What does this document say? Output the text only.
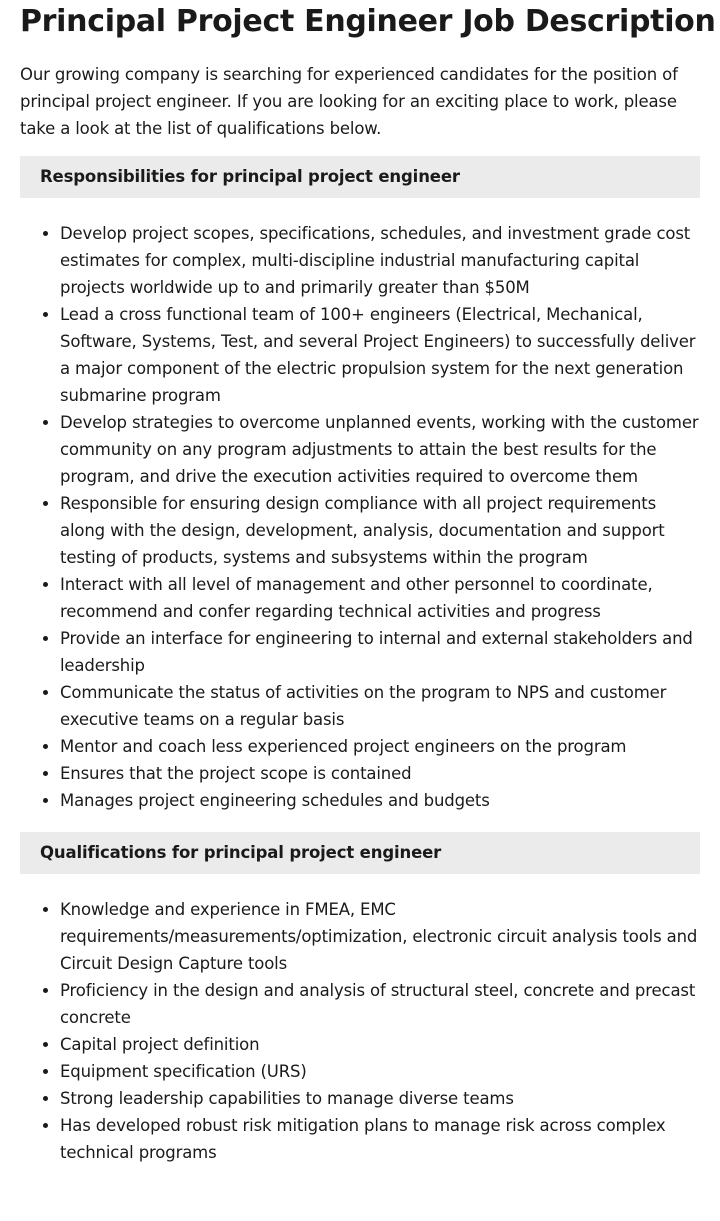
Principal Project Engineer Job Description

Our growing company is searching for experienced candidates for the position of principal project engineer. If you are looking for an exciting place to work, please take a look at the list of qualifications below.

Responsibilities for principal project engineer
• Develop project scopes, specifications, schedules, and investment grade cost estimates for complex, multi-discipline industrial manufacturing capital projects worldwide up to and primarily greater than $50M
• Lead a cross functional team of 100+ engineers (Electrical, Mechanical, Software, Systems, Test, and several Project Engineers) to successfully deliver a major component of the electric propulsion system for the next generation submarine program
• Develop strategies to overcome unplanned events, working with the customer community on any program adjustments to attain the best results for the program, and drive the execution activities required to overcome them
• Responsible for ensuring design compliance with all project requirements along with the design, development, analysis, documentation and support testing of products, systems and subsystems within the program
• Interact with all level of management and other personnel to coordinate, recommend and confer regarding technical activities and progress
• Provide an interface for engineering to internal and external stakeholders and leadership
• Communicate the status of activities on the program to NPS and customer executive teams on a regular basis
• Mentor and coach less experienced project engineers on the program
• Ensures that the project scope is contained
• Manages project engineering schedules and budgets
Qualifications for principal project engineer
• Knowledge and experience in FMEA, EMC requirements/measurements/optimization, electronic circuit analysis tools and Circuit Design Capture tools
• Proficiency in the design and analysis of structural steel, concrete and precast concrete
• Capital project definition
• Equipment specification (URS)
• Strong leadership capabilities to manage diverse teams
• Has developed robust risk mitigation plans to manage risk across complex technical programs
